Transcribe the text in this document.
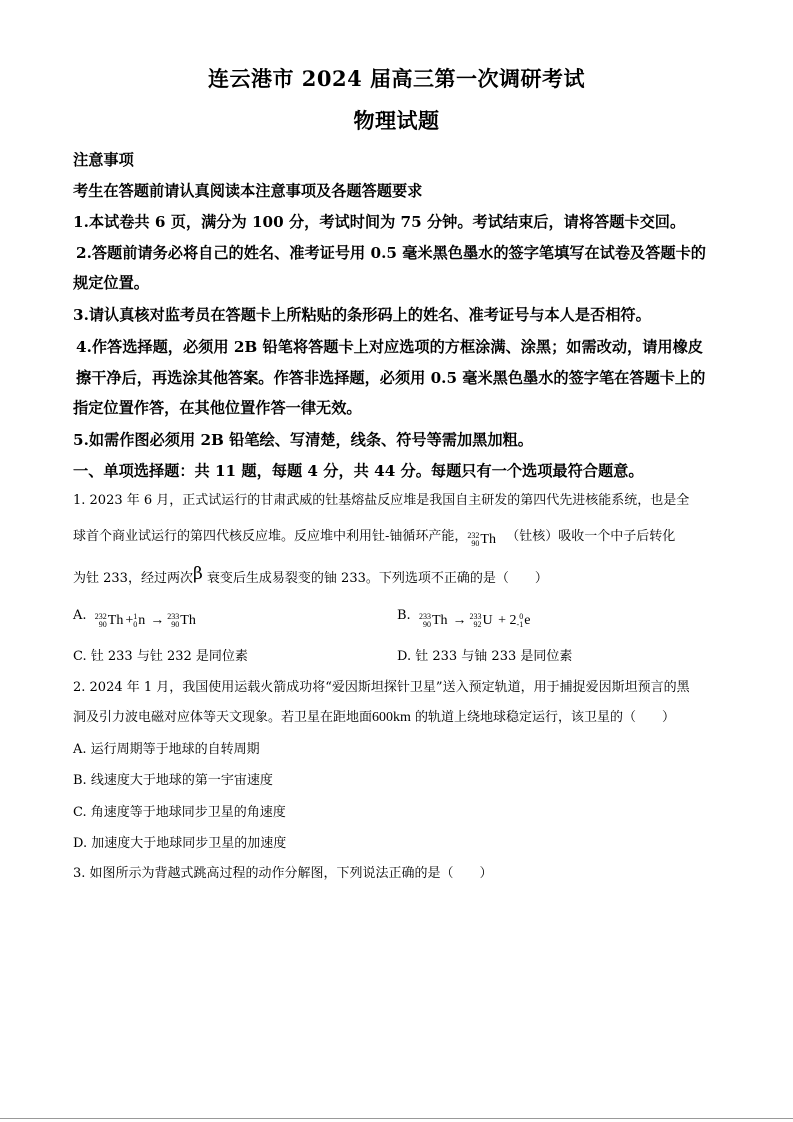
连云港市 2024 届高三第一次调研考试
物理试题
注意事项
考生在答题前请认真阅读本注意事项及各题答题要求
1.本试卷共 6 页，满分为 100 分，考试时间为 75 分钟。考试结束后，请将答题卡交回。
2.答题前请务必将自己的姓名、准考证号用 0.5 毫米黑色墨水的签字笔填写在试卷及答题卡的
规定位置。
3.请认真核对监考员在答题卡上所粘贴的条形码上的姓名、准考证号与本人是否相符。
4.作答选择题，必须用 2B 铅笔将答题卡上对应选项的方框涂满、涂黑；如需改动，请用橡皮
擦干净后，再选涂其他答案。作答非选择题，必须用 0.5 毫米黑色墨水的签字笔在答题卡上的
指定位置作答，在其他位置作答一律无效。
5.如需作图必须用 2B 铅笔绘、写清楚，线条、符号等需加黑加粗。
一、单项选择题：共 11 题，每题 4 分，共 44 分。每题只有一个选项最符合题意。
1. 2023 年 6 月，正式试运行的甘肃武威的钍基熔盐反应堆是我国自主研发的第四代先进核能系统，也是全
球首个商业试运行的第四代核反应堆。反应堆中利用钍-铀循环产能， 232
90 Th （钍核）吸收一个中子后转化
为钍 233，经过两次β 衰变后生成易裂变的铀 233。下列选项不正确的是（　　）
A. 232
90 Th + 1
0 n → 233
90 Th	B. 233
90 Th → 233
92 U
+ 2 0
-1 e
C. 钍 233 与钍 232 是同位素	D. 钍 233 与铀 233 是同位素
2. 2024 年 1 月，我国使用运载火箭成功将“爱因斯坦探针卫星”送入预定轨道，用于捕捉爱因斯坦预言的黑
洞及引力波电磁对应体等天文现象。若卫星在距地面600km 的轨道上绕地球稳定运行，该卫星的（　　）
A. 运行周期等于地球的自转周期
B. 线速度大于地球的第一宇宙速度
C. 角速度等于地球同步卫星的角速度
D. 加速度大于地球同步卫星的加速度
3. 如图所示为背越式跳高过程的动作分解图，下列说法正确的是（　　）
